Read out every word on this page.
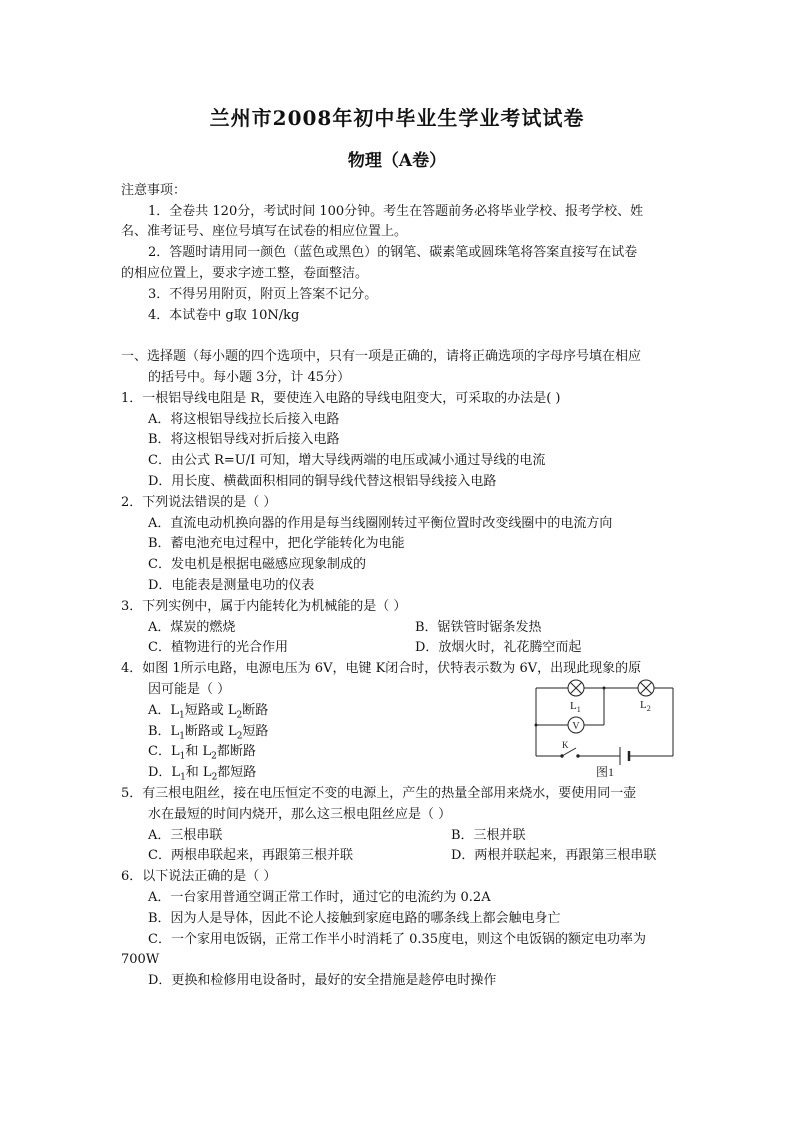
兰州市2008年初中毕业生学业考试试卷
物理（A卷）
注意事项：
1．全卷共 120分，考试时间 100分钟。考生在答题前务必将毕业学校、报考学校、姓
名、准考证号、座位号填写在试卷的相应位置上。
2．答题时请用同一颜色（蓝色或黑色）的钢笔、碳素笔或圆珠笔将答案直接写在试卷
的相应位置上，要求字迹工整，卷面整洁。
3．不得另用附页，附页上答案不记分。
4．本试卷中 g取 10N/kg
一、选择题（每小题的四个选项中，只有一项是正确的，请将正确选项的字母序号填在相应
的括号中。每小题 3分，计 45分）
1．一根铝导线电阻是 R，要使连入电路的导线电阻变大，可采取的办法是( )
A．将这根铝导线拉长后接入电路
B．将这根铝导线对折后接入电路
C．由公式 R=U/I 可知，增大导线两端的电压或减小通过导线的电流
D．用长度、横截面积相同的铜导线代替这根铝导线接入电路
2．下列说法错误的是（ ）
A．直流电动机换向器的作用是每当线圈刚转过平衡位置时改变线圈中的电流方向
B．蓄电池充电过程中，把化学能转化为电能
C．发电机是根据电磁感应现象制成的
D．电能表是测量电功的仪表
3．下列实例中，属于内能转化为机械能的是（ ）
A．煤炭的燃烧	B．锯铁管时锯条发热
C．植物进行的光合作用	D．放烟火时，礼花腾空而起
4．如图 1所示电路，电源电压为 6V，电键 K闭合时，伏特表示数为 6V，出现此现象的原
因可能是（ ）
A．$L_1$短路或 $L_2$断路
B．$L_1$断路或 $L_2$短路
C．$L_1$和 $L_2$都断路
D．$L_1$和 $L_2$都短路
V
$L_1$	$L_2$
K
图1
5．有三根电阻丝，接在电压恒定不变的电源上，产生的热量全部用来烧水，要使用同一壶
水在最短的时间内烧开，那么这三根电阻丝应是（ ）
A．三根串联	B．三根并联
C．两根串联起来，再跟第三根并联	D．两根并联起来，再跟第三根串联
6．以下说法正确的是（ ）
A．一台家用普通空调正常工作时，通过它的电流约为 0.2A
B．因为人是导体，因此不论人接触到家庭电路的哪条线上都会触电身亡
C．一个家用电饭锅，正常工作半小时消耗了 0.35度电，则这个电饭锅的额定电功率为
700W
D．更换和检修用电设备时，最好的安全措施是趁停电时操作
